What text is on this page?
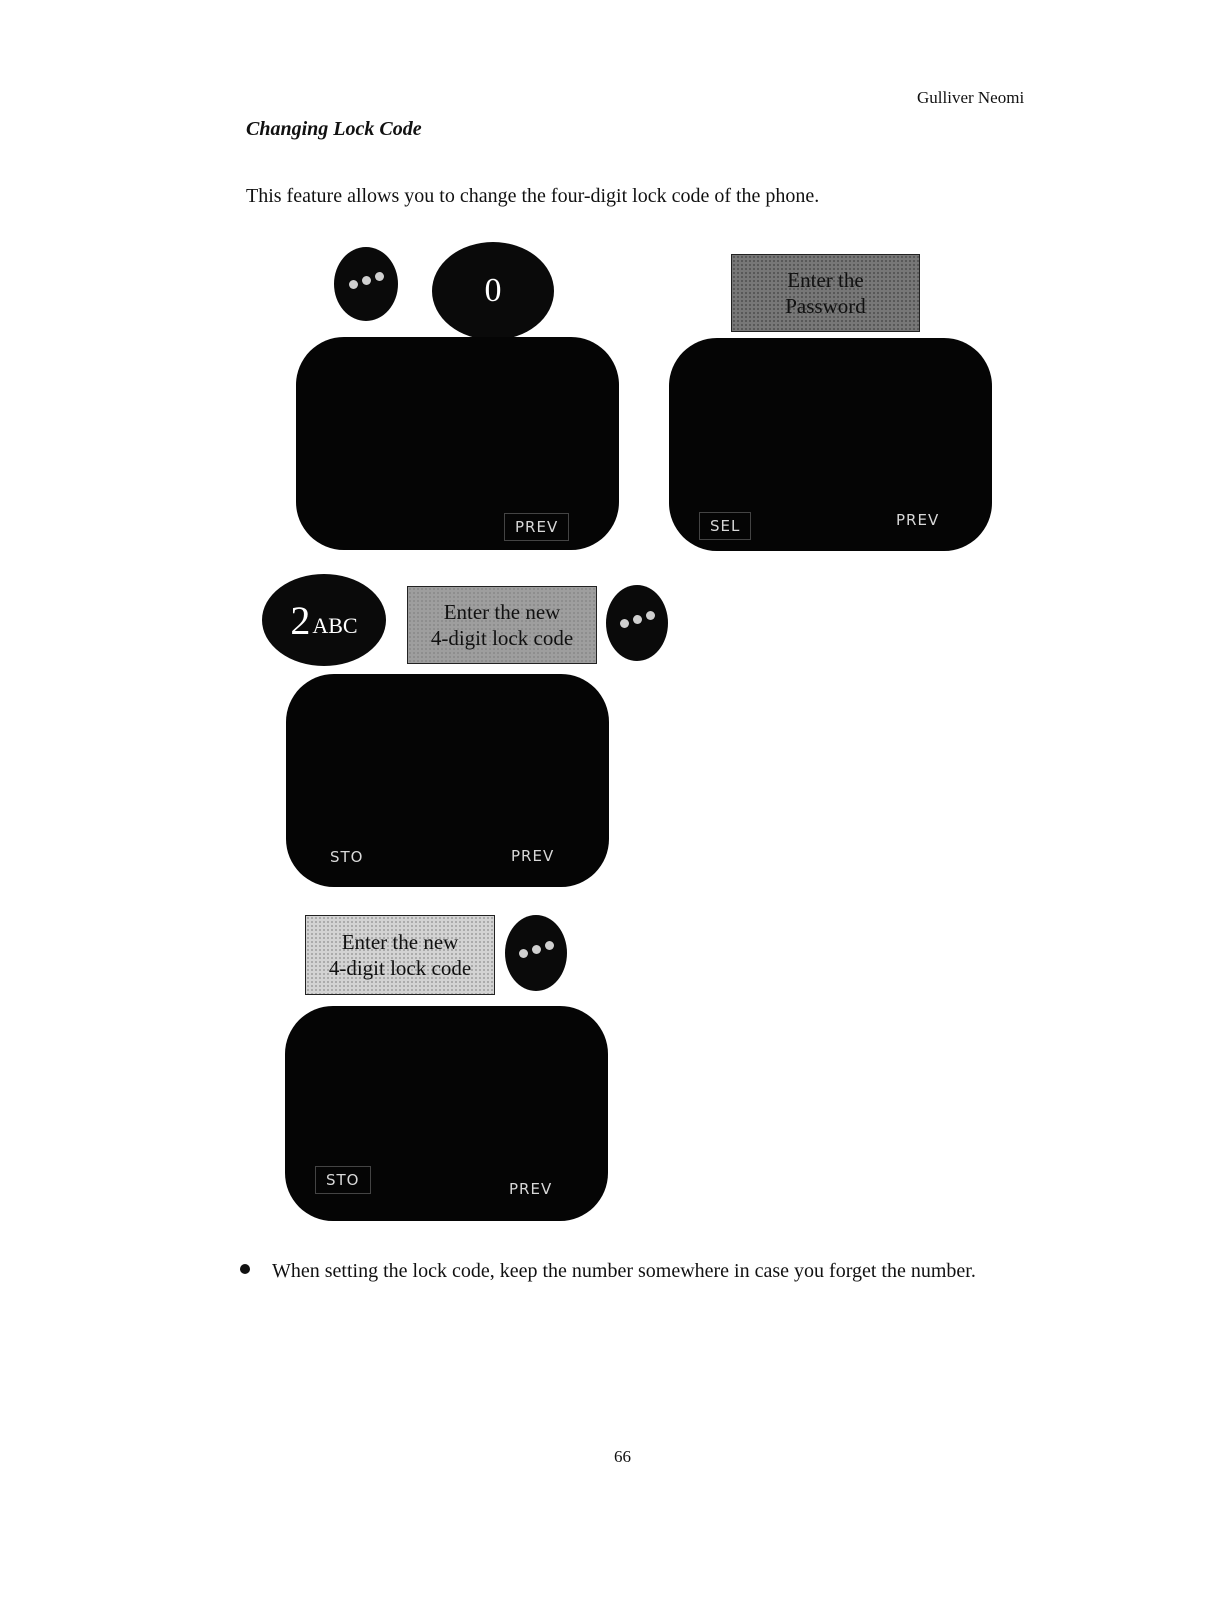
Gulliver Neomi
Changing Lock Code
This feature allows you to change the four-digit lock code of the phone.
0
PREV
Enter the
Password
SEL	PREV
2 ABC
Enter the new
4-digit lock code
STO	PREV
Enter the new
4-digit lock code
STO	PREV
When setting the lock code, keep the number somewhere in case you forget the number.
66
